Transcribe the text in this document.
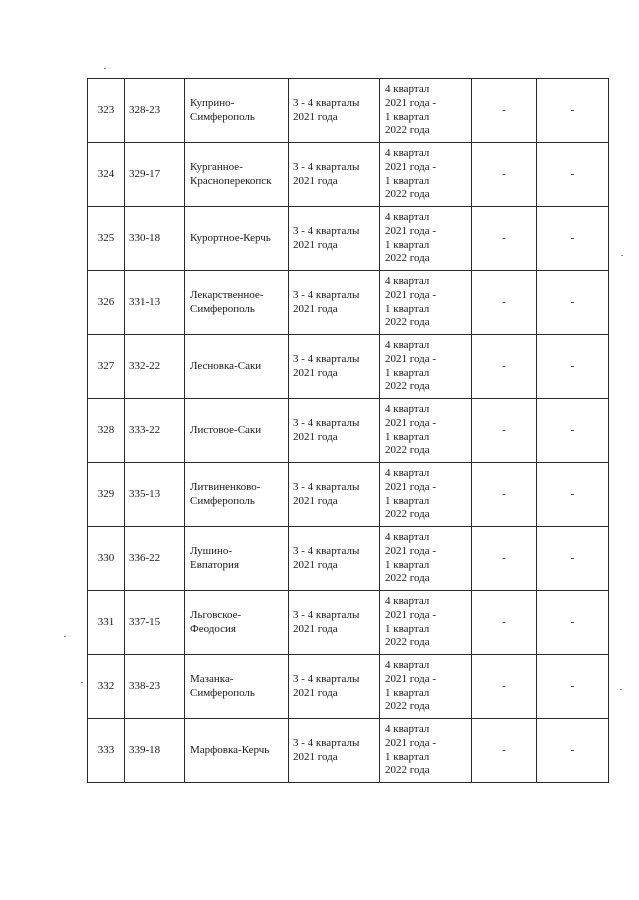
323	328-23	Куприно-
Симферополь	3 - 4 кварталы
2021 года	4 квартал
2021 года -
1 квартал
2022 года	-	-
324	329-17	Курганное-
Красноперекопск	3 - 4 кварталы
2021 года	4 квартал
2021 года -
1 квартал
2022 года	-	-
325	330-18	Курортное-Керчь	3 - 4 кварталы
2021 года	4 квартал
2021 года -
1 квартал
2022 года	-	-
326	331-13	Лекарственное-
Симферополь	3 - 4 кварталы
2021 года	4 квартал
2021 года -
1 квартал
2022 года	-	-
327	332-22	Лесновка-Саки	3 - 4 кварталы
2021 года	4 квартал
2021 года -
1 квартал
2022 года	-	-
328	333-22	Листовое-Саки	3 - 4 кварталы
2021 года	4 квартал
2021 года -
1 квартал
2022 года	-	-
329	335-13	Литвиненково-
Симферополь	3 - 4 кварталы
2021 года	4 квартал
2021 года -
1 квартал
2022 года	-	-
330	336-22	Лушино-
Евпатория	3 - 4 кварталы
2021 года	4 квартал
2021 года -
1 квартал
2022 года	-	-
331	337-15	Льговское-
Феодосия	3 - 4 кварталы
2021 года	4 квартал
2021 года -
1 квартал
2022 года	-	-
332	338-23	Мазанка-
Симферополь	3 - 4 кварталы
2021 года	4 квартал
2021 года -
1 квартал
2022 года	-	-
333	339-18	Марфовка-Керчь	3 - 4 кварталы
2021 года	4 квартал
2021 года -
1 квартал
2022 года	-	-
